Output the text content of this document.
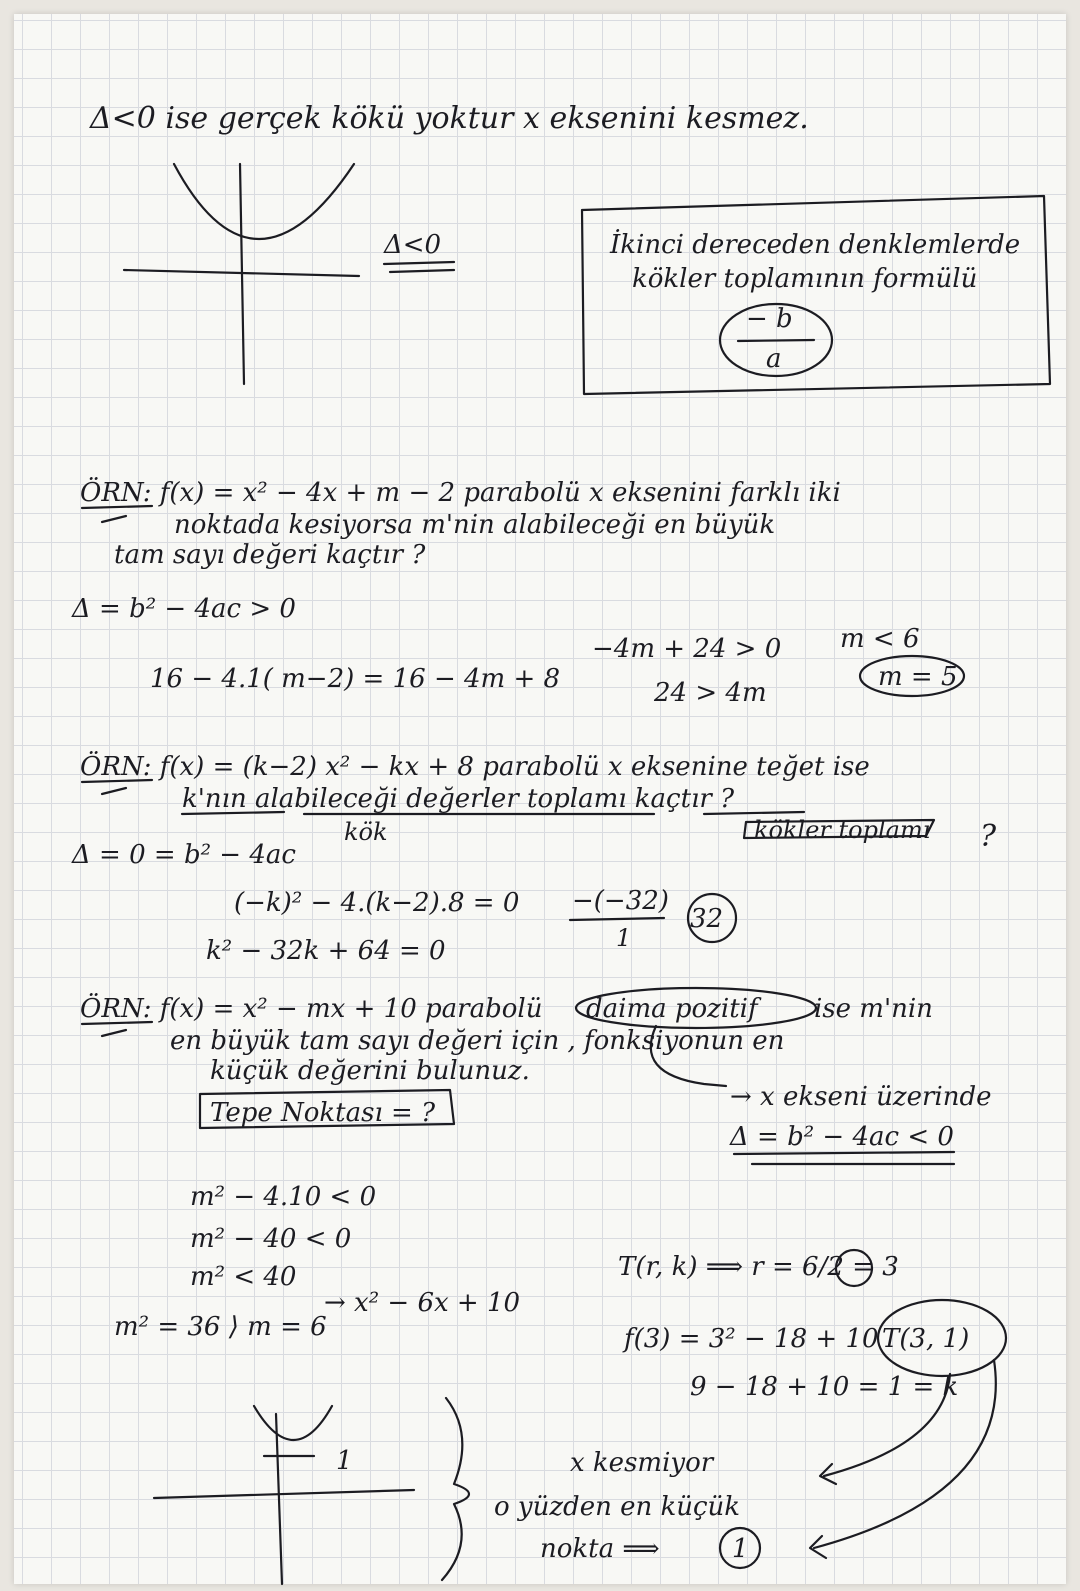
Δ<0 ise gerçek kökü yoktur x eksenini kesmez.
Δ<0	İkinci dereceden denklemlerde
kökler toplamının formülü
− b
a
ÖRN: f(x) = x² − 4x + m − 2 parabolü x eksenini farklı iki
noktada kesiyorsa m'nin alabileceği en büyük
tam sayı değeri kaçtır ?
Δ = b² − 4ac > 0
16 − 4.1( m−2) = 16 − 4m + 8
−4m + 24 > 0
24 > 4m
m < 6
m = 5
ÖRN: f(x) = (k−2) x² − kx + 8 parabolü x eksenine teğet ise
k'nın alabileceği değerler toplamı kaçtır ?
kök	kökler toplamı ?
Δ = 0 = b² − 4ac
(−k)² − 4.(k−2).8 = 0
k² − 32k + 64 = 0
−(−32)
1
32
ÖRN: f(x) = x² − mx + 10 parabolü daima pozitif ise m'nin
en büyük tam sayı değeri için , fonksiyonun en
küçük değerini bulunuz.
Tepe Noktası = ?
→ x ekseni üzerinde
Δ = b² − 4ac < 0
m² − 4.10 < 0
m² − 40 < 0
m² < 40
m² = 36 ⟩ m = 6
→ x² − 6x + 10
T(r, k) ⟹ r = 6/2 = 3
f(3) = 3² − 18 + 10
9 − 18 + 10 = 1 = k
T(3, 1)
1	x kesmiyor
o yüzden en küçük
nokta ⟹	1
